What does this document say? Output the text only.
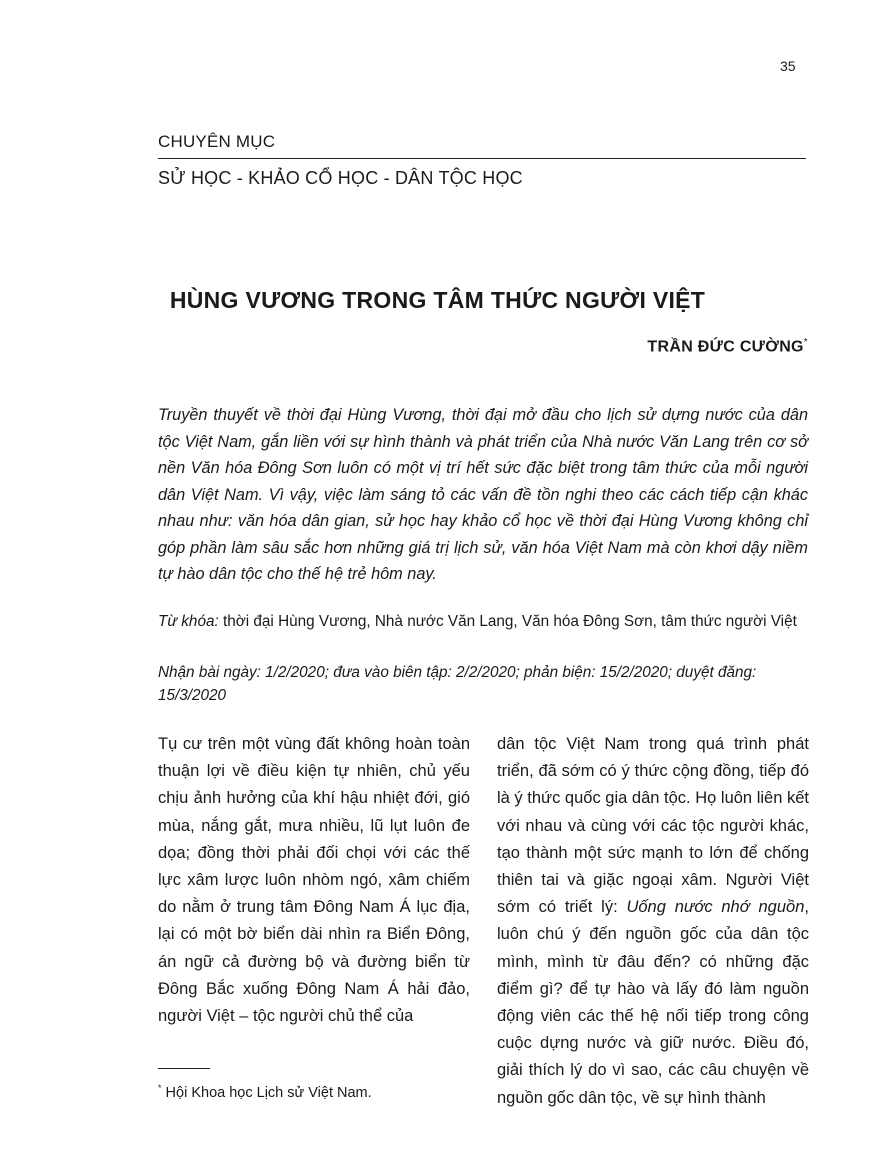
35
CHUYÊN MỤC
SỬ HỌC - KHẢO CỔ HỌC - DÂN TỘC HỌC
HÙNG VƯƠNG TRONG TÂM THỨC NGƯỜI VIỆT
TRẦN ĐỨC CƯỜNG*

Truyền thuyết về thời đại Hùng Vương, thời đại mở đầu cho lịch sử dựng nước của dân tộc Việt Nam, gắn liền với sự hình thành và phát triển của Nhà nước Văn Lang trên cơ sở nền Văn hóa Đông Sơn luôn có một vị trí hết sức đặc biệt trong tâm thức của mỗi người dân Việt Nam. Vì vậy, việc làm sáng tỏ các vấn đề tồn nghi theo các cách tiếp cận khác nhau như: văn hóa dân gian, sử học hay khảo cổ học về thời đại Hùng Vương không chỉ góp phần làm sâu sắc hơn những giá trị lịch sử, văn hóa Việt Nam mà còn khơi dậy niềm tự hào dân tộc cho thế hệ trẻ hôm nay.

Từ khóa: thời đại Hùng Vương, Nhà nước Văn Lang, Văn hóa Đông Sơn, tâm thức người Việt
Nhận bài ngày: 1/2/2020; đưa vào biên tập: 2/2/2020; phản biện: 15/2/2020; duyệt đăng: 15/3/2020

Tụ cư trên một vùng đất không hoàn toàn thuận lợi về điều kiện tự nhiên, chủ yếu chịu ảnh hưởng của khí hậu nhiệt đới, gió mùa, nắng gắt, mưa nhiều, lũ lụt luôn đe dọa; đồng thời phải đối chọi với các thế lực xâm lược luôn nhòm ngó, xâm chiếm do nằm ở trung tâm Đông Nam Á lục địa, lại có một bờ biển dài nhìn ra Biển Đông, án ngữ cả đường bộ và đường biển từ Đông Bắc xuống Đông Nam Á hải đảo, người Việt – tộc người chủ thể của

dân tộc Việt Nam trong quá trình phát triển, đã sớm có ý thức cộng đồng, tiếp đó là ý thức quốc gia dân tộc. Họ luôn liên kết với nhau và cùng với các tộc người khác, tạo thành một sức mạnh to lớn để chống thiên tai và giặc ngoại xâm. Người Việt sớm có triết lý: Uống nước nhớ nguồn, luôn chú ý đến nguồn gốc của dân tộc mình, mình từ đâu đến? có những đặc điểm gì? để tự hào và lấy đó làm nguồn động viên các thế hệ nối tiếp trong công cuộc dựng nước và giữ nước. Điều đó, giải thích lý do vì sao, các câu chuyện về nguồn gốc dân tộc, về sự hình thành

* Hội Khoa học Lịch sử Việt Nam.
